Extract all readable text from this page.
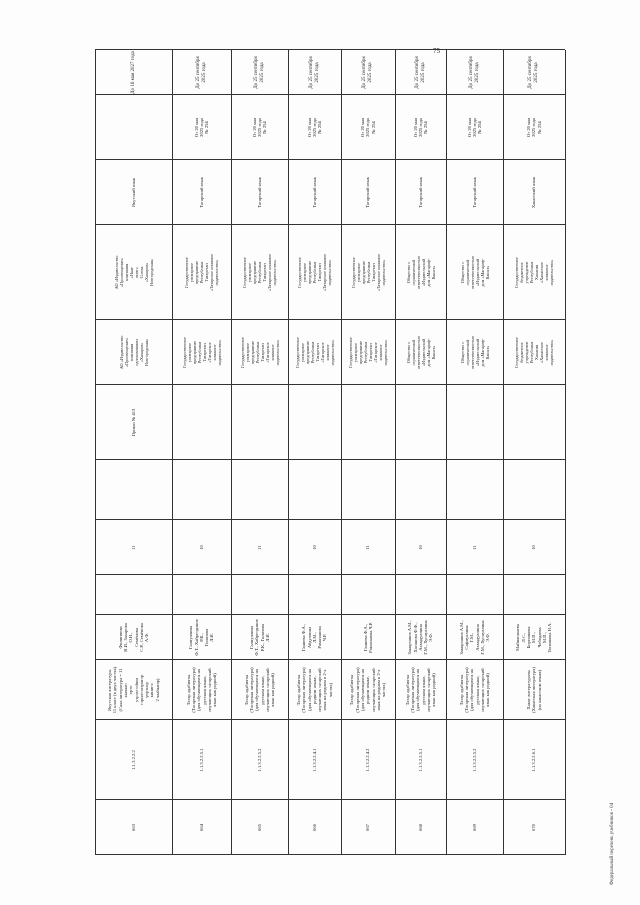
75
Федеральный перечень учебников - 04
663
1.1.3.2.2.2
Якутская литература.
11 класс (в двух частях)
(Саха литература = 11
кылаас:
орто
уэрэхтээhин
тэрилтэлэригэр
үөрэнэр
кинигэ:
2 чааhыгар)
Филиппова
Н.И., Захарова
О.Н.,
Семёнова
С.Р., Семёнова
А.Ф.
11
Приказ № 413
АО «Издательство
«Просвещение»
компания
однокомпании
«Хахаров»
Новгородская»
АО «Издательство
«Просвещение»
компания
«Наш-
нинг»
Союза
«Хахаров»
Новгородская»
Якутский язык
До 16 мая 2027 года
664
1.1.3.2.2.5.1
Татар әдәбияты
(Татарская литература)
(для обучающихся на
русском языке,
изучающих татарский
язык как родной)
Галиуллина
Ф.Т., Хайретдинов
Р.К.,
Гилязова
Л.И.
10
Государственное
унитарное
предприятие
Республики
Татарстан
«Татарское
книжное
издательство»
Государственное
унитарное
предприятие
Республики
Татарстан
«Татарское книжное
издательство»
Татарский язык
От 20 мая
2025 года
№ 254
До 25 сентября 2025 года
665
1.1.3.2.2.5.2
Татар әдәбияты
(Татарская литература)
(для обучающихся на
русском языке,
изучающих татарский
язык как родной)
Галиуллина
Ф.Т., Хайретдинов
Р.К., Гилязова
Л.И.
11
Государственное
унитарное
предприятие
Республики
Татарстан
«Татарское
книжное
издательство»
Государственное
унитарное
предприятие
Республики
Татарстан
«Татарское книжное
издательство»
Татарский язык
От 20 мая
2025 года
№ 254
До 25 сентября 2025 года
666
1.1.3.2.2.4.1
Татар әдәбияты
(Татарская литература)
(для обучающихся на
родном языке,
изучающих татарский
язык на родном в 2-х
частях)
Ганиева Ф.А.,
Абдуллина
Л.М.,
Рамазанова
Ч.Р.
10
Государственное
унитарное
предприятие
Республики
Татарстан
«Татарское
книжное
издательство»
Государственное
унитарное
предприятие
Республики
Татарстан
«Татарское книжное
издательство»
Татарский язык
От 20 мая
2025 года
№ 254
До 25 сентября 2025 года
667
1.1.3.2.2.4.2
Татар әдәбияты
(Татарская литература)
(для обучающихся на
родном языке,
изучающих татарский
язык на родном в 2-х
частях)
Ганиева Ф.А.,
Рамазанова Ч.Р.
11
Государственное
унитарное
предприятие
Республики
Татарстан
«Татарское
книжное
издательство»
Государственное
унитарное
предприятие
Республики
Татарстан
«Татарское книжное
издательство»
Татарский язык
От 20 мая
2025 года
№ 254
До 25 сентября 2025 года
668
1.1.3.2.2.5.1
Татар әдәбияты
(Татарская литература)
(для обучающихся на
русском языке,
изучающих татарский
язык как родной)
Закирзянов А.М.,
Хасанова Ф.Ф.,
Ахмадуллина
Г.М., Хуснуллина
Э.Ф.
10
Общество с
ограниченной
ответственностью
«Издательский
дом «Магариф-
Вакыт»
Общество с
ограниченной
ответственностью
«Издательский
дом «Магариф-
Вакыт»
Татарский язык
От 20 мая
2025 года
№ 254
До 25 сентября 2025 года
669
1.1.3.2.2.5.2
Татар әдәбияты
(Татарская литература)
(для обучающихся на
русском языке,
изучающих татарский
язык как родной)
Закирзянов А.М.,
Сафиуллина
Г.М.,
Ахмадуллина
Г.М., Хуснуллина
Э.Ф.
11
Общество с
ограниченной
ответственностью
«Издательский
дом «Магариф-
Вакыт»
Общество с
ограниченной
ответственностью
«Издательский
дом «Магариф-
Вакыт»
Татарский язык
От 20 мая
2025 года
№ 254
До 25 сентября 2025 года
670
1.1.3.2.2.6.1
Хакас литературазы
(Хакасская литература)
(на хакасском языке)
Майнагашева
Л.С.,
Боргоякова
М.П.,
Чебодаева
М.П.,
Топоякова Н.А.
10
Государственное
бюджетное
учреждение
Республики
Хакасия
«Хакасское
книжное
издательство»
Государственное
бюджетное
учреждение
Республики
Хакасия
«Хакасское
книжное
издательство»
Хакасский язык
От 20 мая
2025 года
№ 254
До 25 сентября 2025 года
